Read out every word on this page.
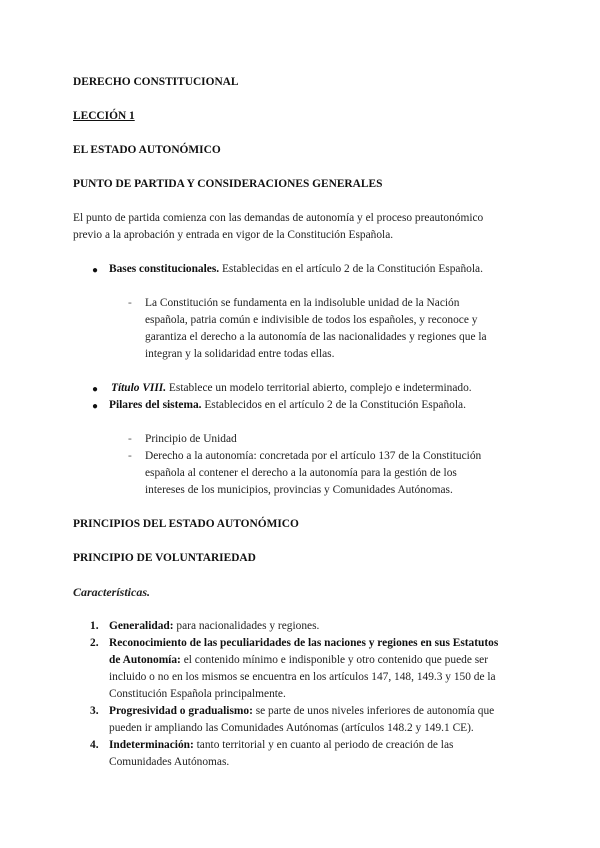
DERECHO CONSTITUCIONAL

LECCIÓN 1

EL ESTADO AUTONÓMICO

PUNTO DE PARTIDA Y CONSIDERACIONES GENERALES

El punto de partida comienza con las demandas de autonomía y el proceso preautonómico

previo a la aprobación y entrada en vigor de la Constitución Española.

● Bases constitucionales. Establecidas en el artículo 2 de la Constitución Española.

- La Constitución se fundamenta en la indisoluble unidad de la Nación

española, patria común e indivisible de todos los españoles, y reconoce y

garantiza el derecho a la autonomía de las nacionalidades y regiones que la

integran y la solidaridad entre todas ellas.

● Título VIII. Establece un modelo territorial abierto, complejo e indeterminado.

● Pilares del sistema. Establecidos en el artículo 2 de la Constitución Española.

- Principio de Unidad

- Derecho a la autonomía: concretada por el artículo 137 de la Constitución

española al contener el derecho a la autonomía para la gestión de los

intereses de los municipios, provincias y Comunidades Autónomas.

PRINCIPIOS DEL ESTADO AUTONÓMICO

PRINCIPIO DE VOLUNTARIEDAD

Características.

1. Generalidad: para nacionalidades y regiones.

2. Reconocimiento de las peculiaridades de las naciones y regiones en sus Estatutos

de Autonomía: el contenido mínimo e indisponible y otro contenido que puede ser

incluido o no en los mismos se encuentra en los artículos 147, 148, 149.3 y 150 de la

Constitución Española principalmente.

3. Progresividad o gradualismo: se parte de unos niveles inferiores de autonomía que

pueden ir ampliando las Comunidades Autónomas (artículos 148.2 y 149.1 CE).

4. Indeterminación: tanto territorial y en cuanto al periodo de creación de las

Comunidades Autónomas.
